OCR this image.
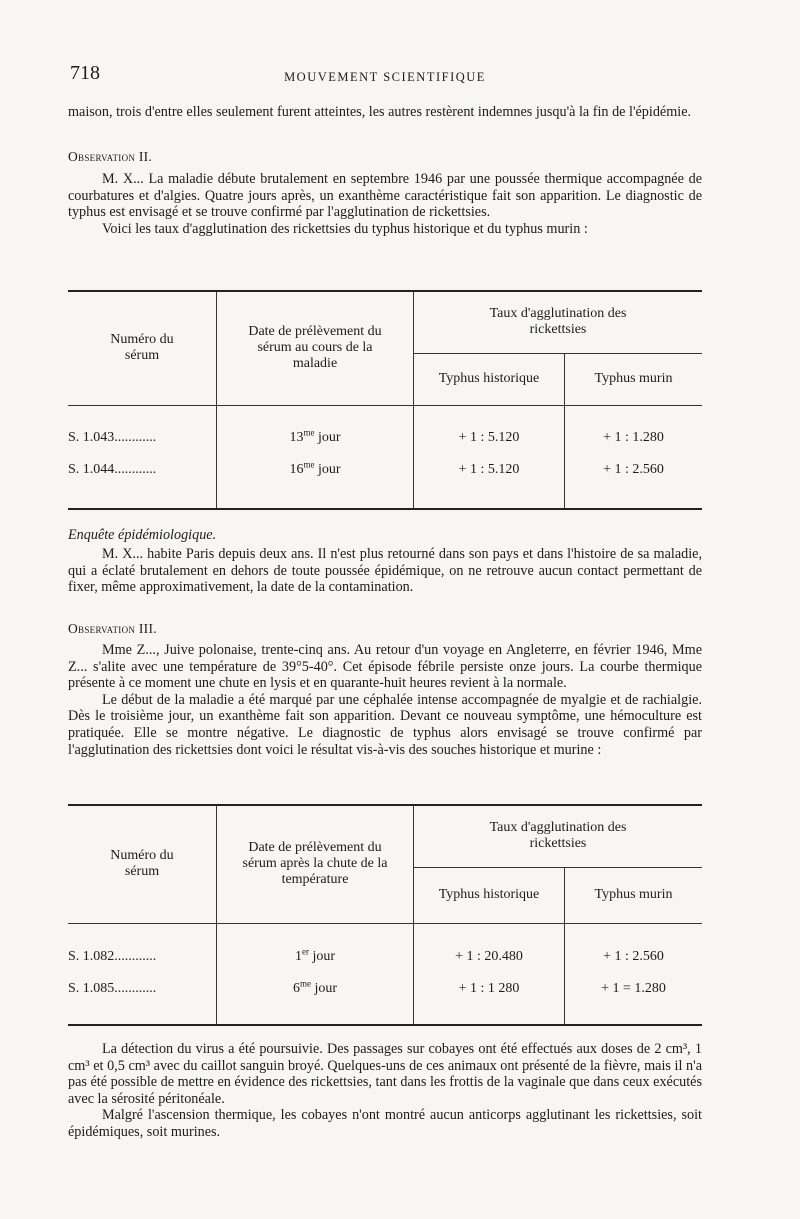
718	MOUVEMENT SCIENTIFIQUE

maison, trois d'entre elles seulement furent atteintes, les autres restèrent indemnes jusqu'à la fin de l'épidémie.

Observation II.

M. X... La maladie débute brutalement en septembre 1946 par une poussée thermique accompagnée de courbatures et d'algies. Quatre jours après, un exanthème caractéristique fait son apparition. Le diagnostic de typhus est envisagé et se trouve confirmé par l'agglutination de rickettsies.

Voici les taux d'agglutination des rickettsies du typhus historique et du typhus murin :

Numéro du sérum	Date de prélèvement du sérum au cours de la maladie	Taux d'agglutination des rickettsies	

		Typhus historique	Typhus murin

S. 1.043............	$13^{me}$ jour	+ 1 : 5.120	+ 1 : 1.280
S. 1.044............	$16^{me}$ jour	+ 1 : 5.120	+ 1 : 2.560

Enquête épidémiologique.

M. X... habite Paris depuis deux ans. Il n'est plus retourné dans son pays et dans l'histoire de sa maladie, qui a éclaté brutalement en dehors de toute poussée épidémique, on ne retrouve aucun contact permettant de fixer, même approximativement, la date de la contamination.

Observation III.

Mme Z..., Juive polonaise, trente-cinq ans. Au retour d'un voyage en Angleterre, en février 1946, Mme Z... s'alite avec une température de 39°5-40°. Cet épisode fébrile persiste onze jours. La courbe thermique présente à ce moment une chute en lysis et en quarante-huit heures revient à la normale.

Le début de la maladie a été marqué par une céphalée intense accompagnée de myalgie et de rachialgie. Dès le troisième jour, un exanthème fait son apparition. Devant ce nouveau symptôme, une hémoculture est pratiquée. Elle se montre négative. Le diagnostic de typhus alors envisagé se trouve confirmé par l'agglutination des rickettsies dont voici le résultat vis-à-vis des souches historique et murine :

Numéro du sérum	Date de prélèvement du sérum après la chute de la température	Taux d'agglutination des rickettsies	

		Typhus historique	Typhus murin

S. 1.082............	1er jour	+ 1 : 20.480	+ 1 : 2.560
S. 1.085............	$6^{me}$ jour	+ 1 : 1 280	+ 1 = 1.280

La détection du virus a été poursuivie. Des passages sur cobayes ont été effectués aux doses de 2 cm³, 1 cm³ et 0,5 cm³ avec du caillot sanguin broyé. Quelques-uns de ces animaux ont présenté de la fièvre, mais il n'a pas été possible de mettre en évidence des rickettsies, tant dans les frottis de la vaginale que dans ceux exécutés avec la sérosité péritonéale.

Malgré l'ascension thermique, les cobayes n'ont montré aucun anticorps agglutinant les rickettsies, soit épidémiques, soit murines.
